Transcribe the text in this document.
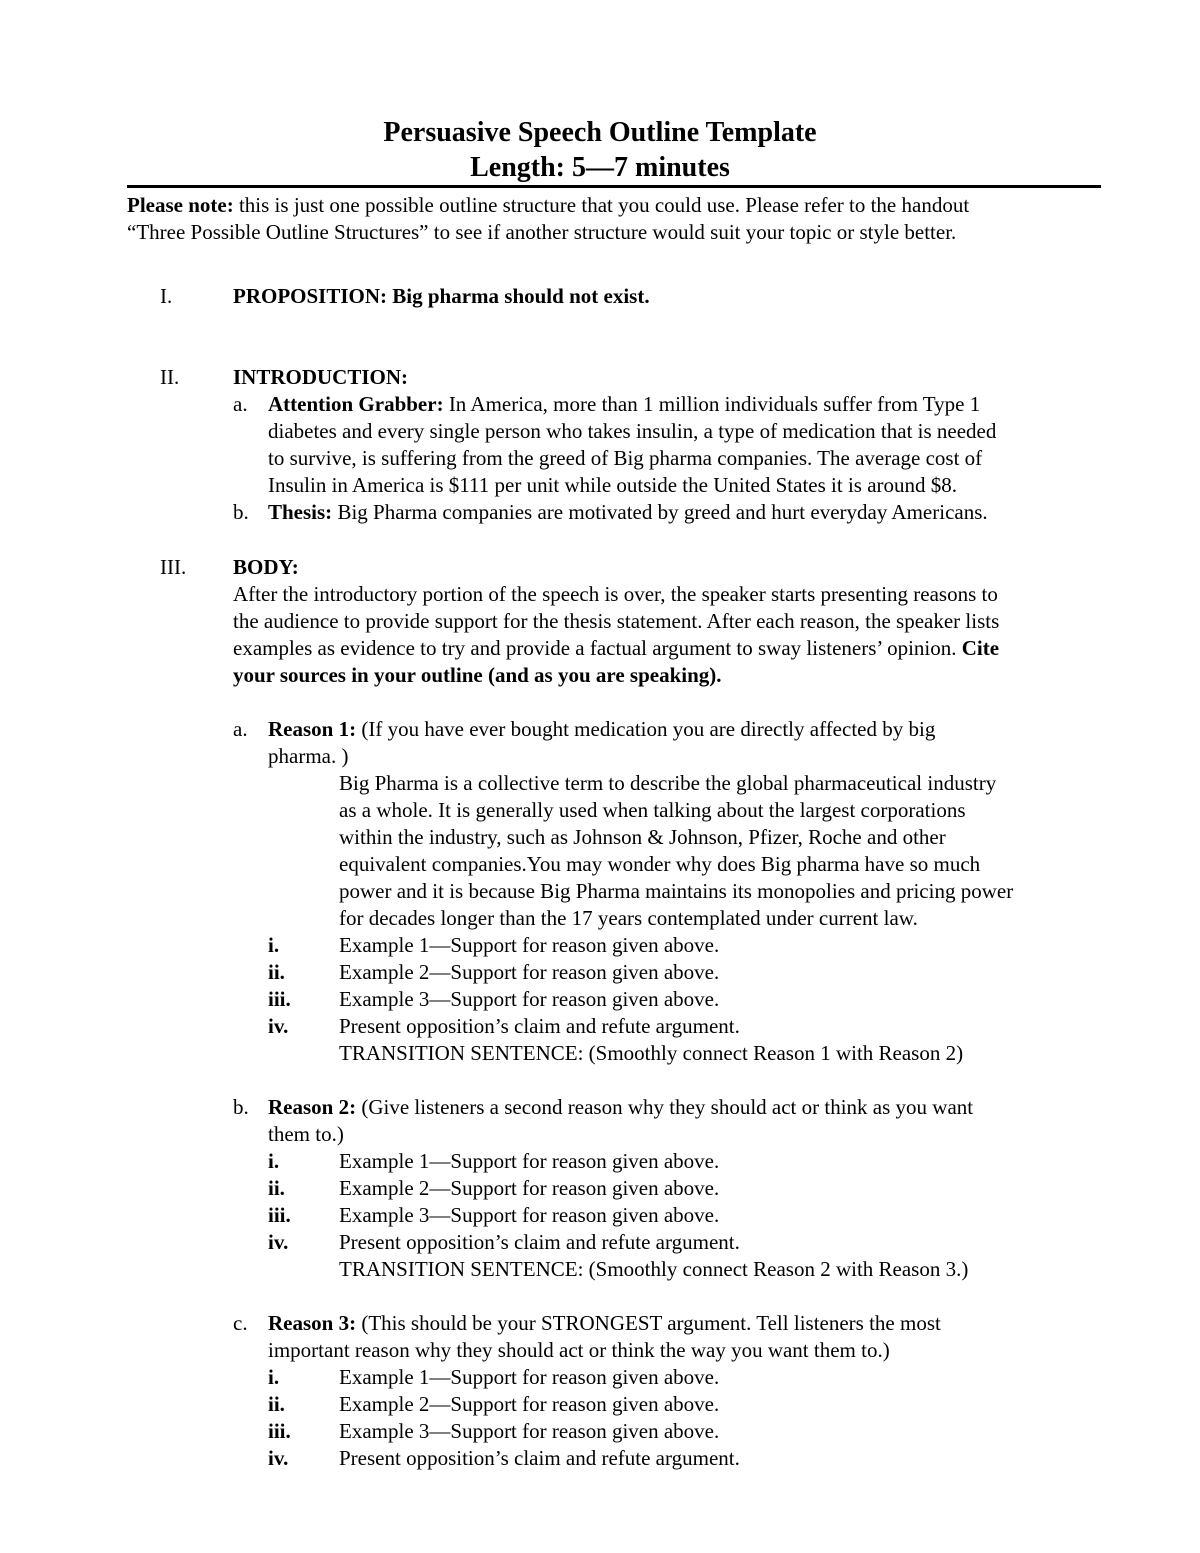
Persuasive Speech Outline Template
Length: 5—7 minutes
Please note: this is just one possible outline structure that you could use. Please refer to the handout
“Three Possible Outline Structures” to see if another structure would suit your topic or style better.
I.	PROPOSITION: Big pharma should not exist.
II.	INTRODUCTION:
a. Attention Grabber: In America, more than 1 million individuals suffer from Type 1
diabetes and every single person who takes insulin, a type of medication that is needed
to survive, is suffering from the greed of Big pharma companies. The average cost of
Insulin in America is $111 per unit while outside the United States it is around $8.
b. Thesis: Big Pharma companies are motivated by greed and hurt everyday Americans.
III. BODY:
After the introductory portion of the speech is over, the speaker starts presenting reasons to
the audience to provide support for the thesis statement. After each reason, the speaker lists
examples as evidence to try and provide a factual argument to sway listeners’ opinion. Cite
your sources in your outline (and as you are speaking).
a. Reason 1: (If you have ever bought medication you are directly affected by big
pharma. )
Big Pharma is a collective term to describe the global pharmaceutical industry
as a whole. It is generally used when talking about the largest corporations
within the industry, such as Johnson & Johnson, Pfizer, Roche and other
equivalent companies.You may wonder why does Big pharma have so much
power and it is because Big Pharma maintains its monopolies and pricing power
for decades longer than the 17 years contemplated under current law.
i.	Example 1—Support for reason given above.
ii.	Example 2—Support for reason given above.
iii. Example 3—Support for reason given above.
iv. Present opposition’s claim and refute argument.
TRANSITION SENTENCE: (Smoothly connect Reason 1 with Reason 2)
b. Reason 2: (Give listeners a second reason why they should act or think as you want
them to.)
i.	Example 1—Support for reason given above.
ii.	Example 2—Support for reason given above.
iii. Example 3—Support for reason given above.
iv. Present opposition’s claim and refute argument.
TRANSITION SENTENCE: (Smoothly connect Reason 2 with Reason 3.)
c. Reason 3: (This should be your STRONGEST argument. Tell listeners the most
important reason why they should act or think the way you want them to.)
i.	Example 1—Support for reason given above.
ii.	Example 2—Support for reason given above.
iii. Example 3—Support for reason given above.
iv. Present opposition’s claim and refute argument.
